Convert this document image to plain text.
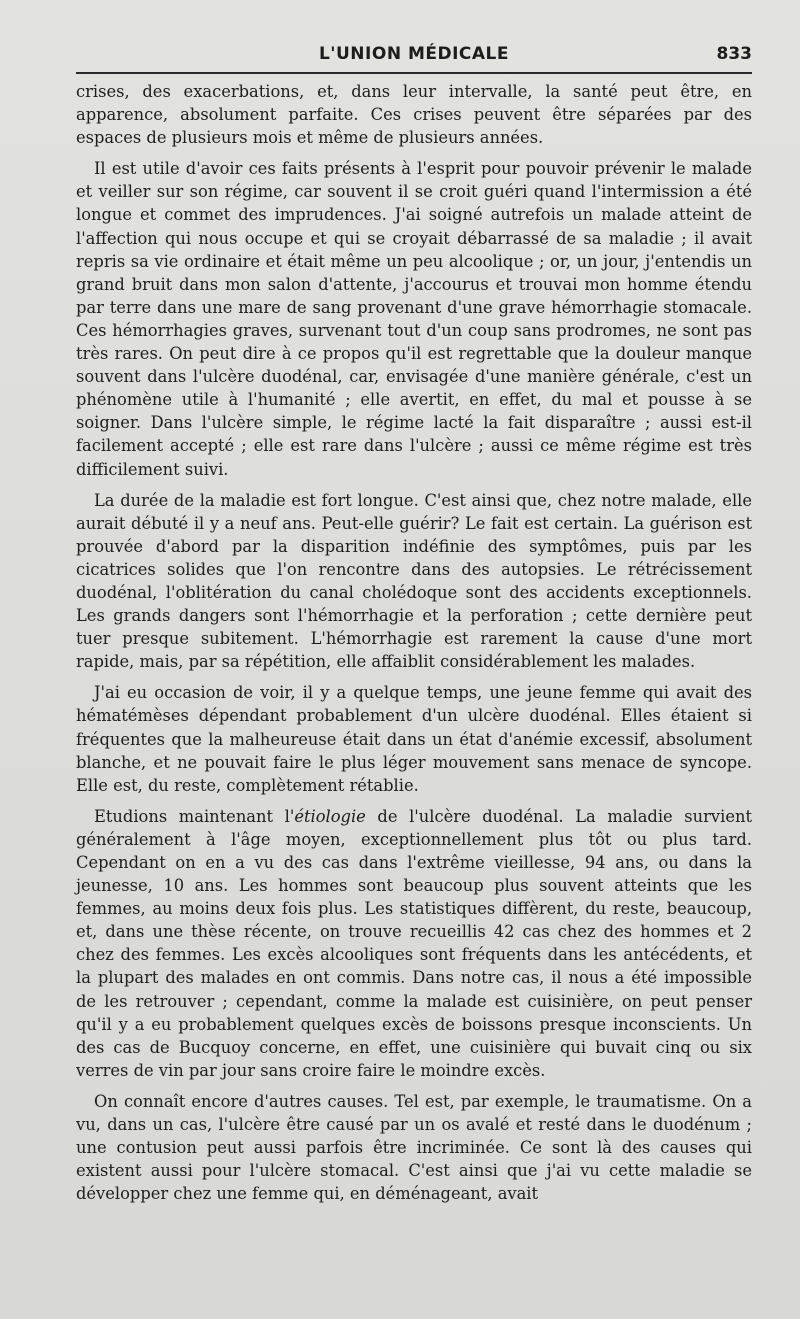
L'UNION MÉDICALE	833

crises, des exacerbations, et, dans leur intervalle, la santé peut être, en apparence, absolument parfaite. Ces crises peuvent être séparées par des espaces de plusieurs mois et même de plusieurs années.

Il est utile d'avoir ces faits présents à l'esprit pour pouvoir prévenir le malade et veiller sur son régime, car souvent il se croit guéri quand l'intermission a été longue et commet des imprudences. J'ai soigné autrefois un malade atteint de l'affection qui nous occupe et qui se croyait débarrassé de sa maladie ; il avait repris sa vie ordinaire et était même un peu alcoolique ; or, un jour, j'entendis un grand bruit dans mon salon d'attente, j'accourus et trouvai mon homme étendu par terre dans une mare de sang provenant d'une grave hémorrhagie stomacale. Ces hémorrhagies graves, survenant tout d'un coup sans prodromes, ne sont pas très rares. On peut dire à ce propos qu'il est regrettable que la douleur manque souvent dans l'ulcère duodénal, car, envisagée d'une manière générale, c'est un phénomène utile à l'humanité ; elle avertit, en effet, du mal et pousse à se soigner. Dans l'ulcère simple, le régime lacté la fait disparaître ; aussi est-il facilement accepté ; elle est rare dans l'ulcère ; aussi ce même régime est très difficilement suivi.

La durée de la maladie est fort longue. C'est ainsi que, chez notre malade, elle aurait débuté il y a neuf ans. Peut-elle guérir? Le fait est certain. La guérison est prouvée d'abord par la disparition indéfinie des symptômes, puis par les cicatrices solides que l'on rencontre dans des autopsies. Le rétrécissement duodénal, l'oblitération du canal cholédoque sont des accidents exceptionnels. Les grands dangers sont l'hémorrhagie et la perforation ; cette dernière peut tuer presque subitement. L'hémorrhagie est rarement la cause d'une mort rapide, mais, par sa répétition, elle affaiblit considérablement les malades.

J'ai eu occasion de voir, il y a quelque temps, une jeune femme qui avait des hématémèses dépendant probablement d'un ulcère duodénal. Elles étaient si fréquentes que la malheureuse était dans un état d'anémie excessif, absolument blanche, et ne pouvait faire le plus léger mouvement sans menace de syncope. Elle est, du reste, complètement rétablie.

Etudions maintenant l'étiologie de l'ulcère duodénal. La maladie survient généralement à l'âge moyen, exceptionnellement plus tôt ou plus tard. Cependant on en a vu des cas dans l'extrême vieillesse, 94 ans, ou dans la jeunesse, 10 ans. Les hommes sont beaucoup plus souvent atteints que les femmes, au moins deux fois plus. Les statistiques diffèrent, du reste, beaucoup, et, dans une thèse récente, on trouve recueillis 42 cas chez des hommes et 2 chez des femmes. Les excès alcooliques sont fréquents dans les antécédents, et la plupart des malades en ont commis. Dans notre cas, il nous a été impossible de les retrouver ; cependant, comme la malade est cuisinière, on peut penser qu'il y a eu probablement quelques excès de boissons presque inconscients. Un des cas de Bucquoy concerne, en effet, une cuisinière qui buvait cinq ou six verres de vin par jour sans croire faire le moindre excès.

On connaît encore d'autres causes. Tel est, par exemple, le traumatisme. On a vu, dans un cas, l'ulcère être causé par un os avalé et resté dans le duodénum ; une contusion peut aussi parfois être incriminée. Ce sont là des causes qui existent aussi pour l'ulcère stomacal. C'est ainsi que j'ai vu cette maladie se développer chez une femme qui, en déménageant, avait
